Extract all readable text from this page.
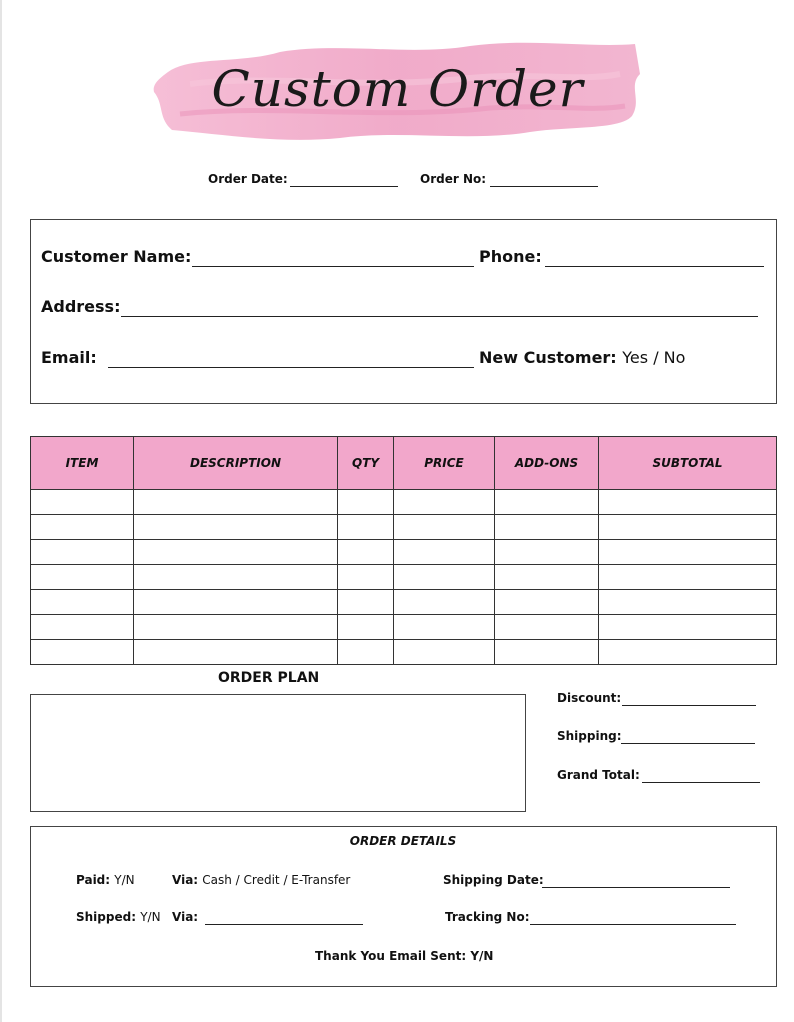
Custom Order
Order Date:	Order No:
Customer Name:	Phone:
Address:
Email:	New Customer: Yes / No
ITEM	DESCRIPTION	QTY	PRICE	ADD-ONS	SUBTOTAL

ORDER PLAN
Discount:
Shipping:
Grand Total:
ORDER DETAILS
Paid: Y/N	Via: Cash / Credit / E-Transfer	Shipping Date:
Shipped: Y/N Via:	Tracking No:
Thank You Email Sent: Y/N
